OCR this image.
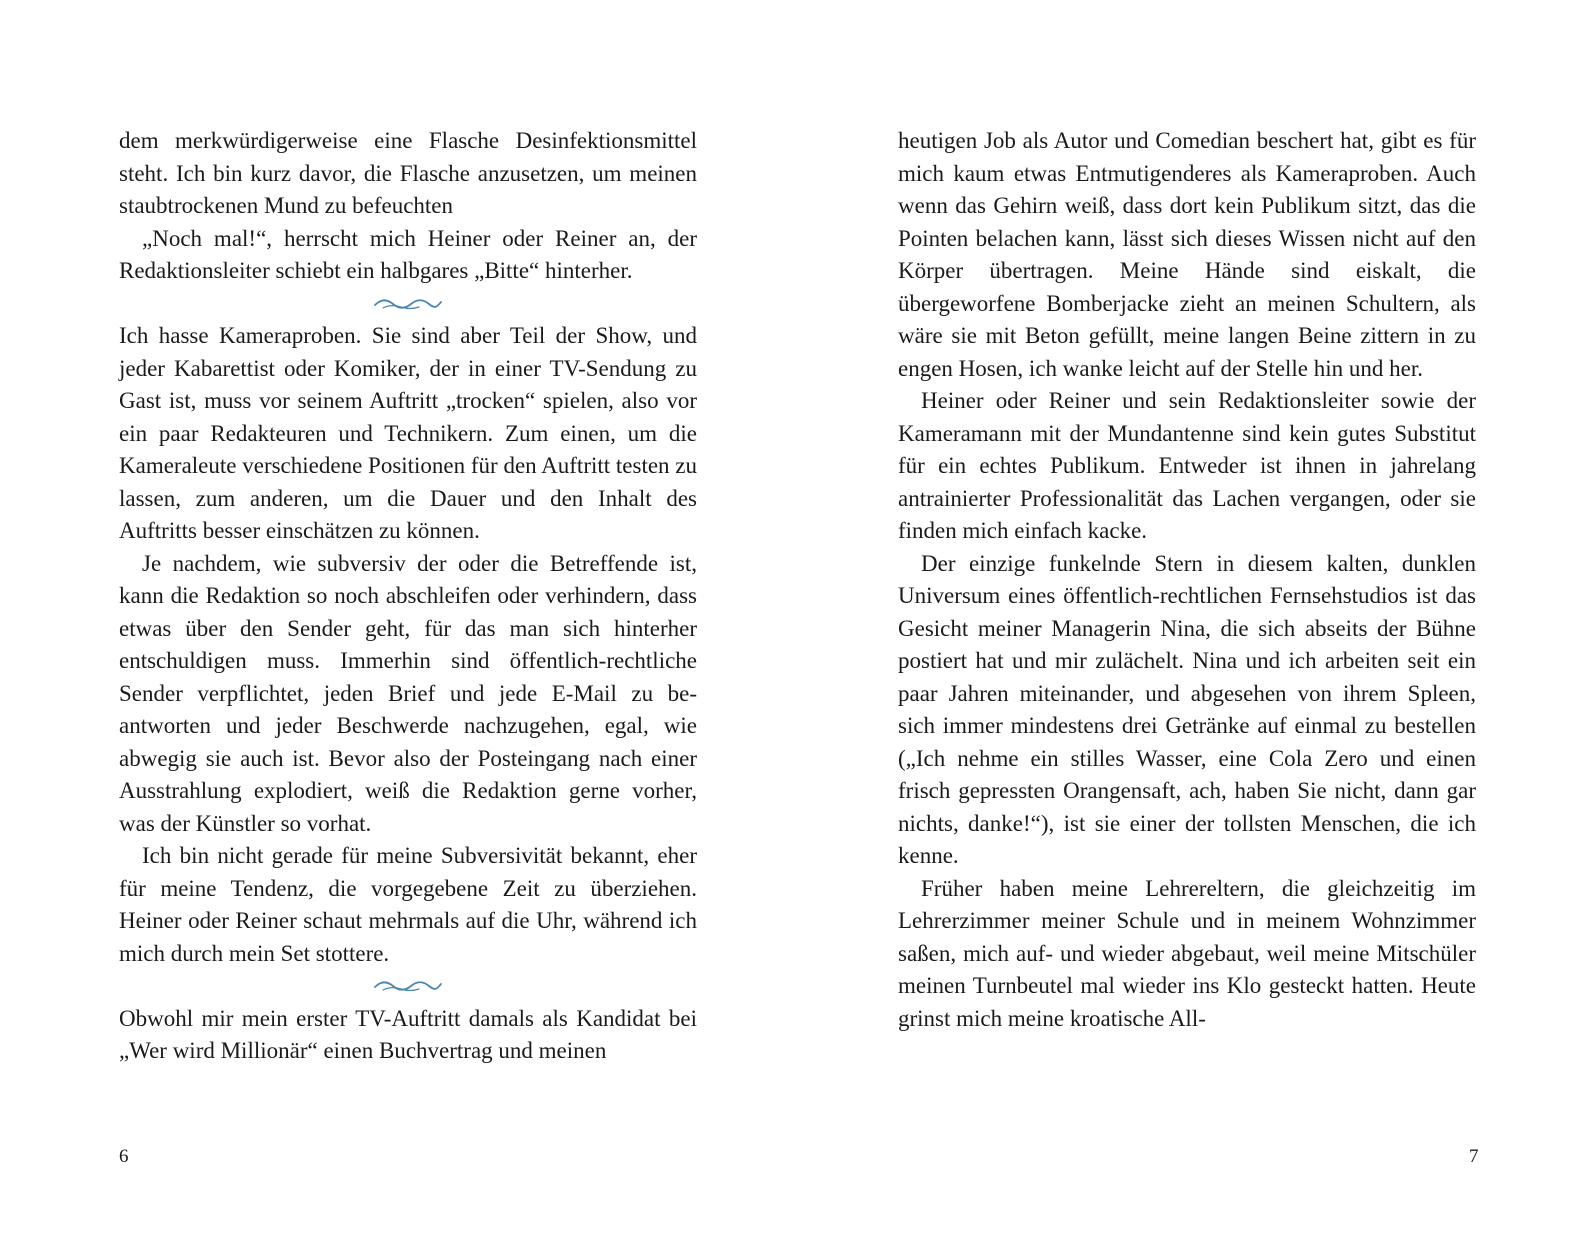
dem merkwürdigerweise eine Flasche Desinfektionsmittel steht. Ich bin kurz davor, die Flasche anzusetzen, um meinen staubtrockenen Mund zu befeuchten

„Noch mal!“, herrscht mich Heiner oder Reiner an, der Redaktionsleiter schiebt ein halbgares „Bitte“ hinterher.

Ich hasse Kameraproben. Sie sind aber Teil der Show, und jeder Kabarettist oder Komiker, der in einer TV-Sendung zu Gast ist, muss vor seinem Auftritt „trocken“ spielen, also vor ein paar Redakteuren und Technikern. Zum einen, um die Kameraleute verschiedene Positionen für den Auftritt testen zu lassen, zum anderen, um die Dauer und den Inhalt des Auftritts besser einschätzen zu können.

Je nachdem, wie subversiv der oder die Betreffende ist, kann die Redaktion so noch abschleifen oder verhindern, dass etwas über den Sender geht, für das man sich hinterher entschuldigen muss. Immerhin sind öffentlich-rechtliche Sender verpflichtet, jeden Brief und jede E-Mail zu beantworten und jeder Beschwerde nachzugehen, egal, wie abwegig sie auch ist. Bevor also der Posteingang nach einer Ausstrahlung explodiert, weiß die Redaktion gerne vorher, was der Künstler so vorhat.

Ich bin nicht gerade für meine Subversivität bekannt, eher für meine Tendenz, die vorgegebene Zeit zu überziehen. Heiner oder Reiner schaut mehrmals auf die Uhr, während ich mich durch mein Set stottere.

Obwohl mir mein erster TV-Auftritt damals als Kandidat bei „Wer wird Millionär“ einen Buchvertrag und meinen

heutigen Job als Autor und Comedian beschert hat, gibt es für mich kaum etwas Entmutigenderes als Kameraproben. Auch wenn das Gehirn weiß, dass dort kein Publikum sitzt, das die Pointen belachen kann, lässt sich dieses Wissen nicht auf den Körper übertragen. Meine Hände sind eiskalt, die übergeworfene Bomberjacke zieht an meinen Schultern, als wäre sie mit Beton gefüllt, meine langen Beine zittern in zu engen Hosen, ich wanke leicht auf der Stelle hin und her.

Heiner oder Reiner und sein Redaktionsleiter sowie der Kameramann mit der Mundantenne sind kein gutes Substitut für ein echtes Publikum. Entweder ist ihnen in jahrelang antrainierter Professionalität das Lachen vergangen, oder sie finden mich einfach kacke.

Der einzige funkelnde Stern in diesem kalten, dunklen Universum eines öffentlich-rechtlichen Fernsehstudios ist das Gesicht meiner Managerin Nina, die sich abseits der Bühne postiert hat und mir zulächelt. Nina und ich arbeiten seit ein paar Jahren miteinander, und abgesehen von ihrem Spleen, sich immer mindestens drei Getränke auf einmal zu bestellen („Ich nehme ein stilles Wasser, eine Cola Zero und einen frisch gepressten Orangensaft, ach, haben Sie nicht, dann gar nichts, danke!“), ist sie einer der tollsten Menschen, die ich kenne.

Früher haben meine Lehrereltern, die gleichzeitig im Lehrerzimmer meiner Schule und in meinem Wohnzimmer saßen, mich auf- und wieder abgebaut, weil meine Mitschüler meinen Turnbeutel mal wieder ins Klo gesteckt hatten. Heute grinst mich meine kroatische All-

6	7
